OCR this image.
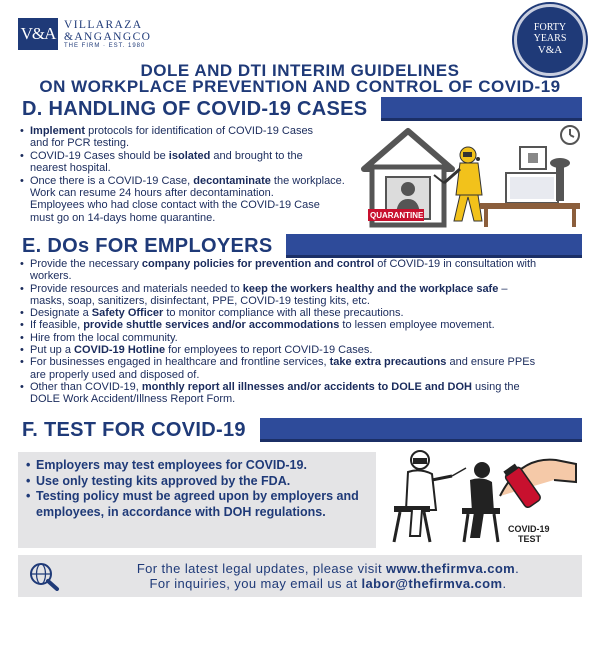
V&A VILLARAZA
&ANGANGCO
THE FIRM · EST. 1980
FORTY
YEARS
V&A
DOLE AND DTI INTERIM GUIDELINES
ON WORKPLACE PREVENTION AND CONTROL OF COVID-19
D. HANDLING OF COVID-19 CASES
• Implement protocols for identification of COVID-19 Cases
and for PCR testing.
• COVID-19 Cases should be isolated and brought to the
nearest hospital.
• Once there is a COVID-19 Case, decontaminate the workplace.
Work can resume 24 hours after decontamination.
Employees who had close contact with the COVID-19 Case
must go on 14-days home quarantine.	QUARANTINE
E. DOs FOR EMPLOYERS
• Provide the necessary company policies for prevention and control of COVID-19 in consultation with
workers.
• Provide resources and materials needed to keep the workers healthy and the workplace safe –
masks, soap, sanitizers, disinfectant, PPE, COVID-19 testing kits, etc.
• Designate a Safety Officer to monitor compliance with all these precautions.
• If feasible, provide shuttle services and/or accommodations to lessen employee movement.
• Hire from the local community.
• Put up a COVID-19 Hotline for employees to report COVID-19 Cases.
• For businesses engaged in healthcare and frontline services, take extra precautions and ensure PPEs
are properly used and disposed of.
• Other than COVID-19, monthly report all illnesses and/or accidents to DOLE and DOH using the
DOLE Work Accident/Illness Report Form.
F. TEST FOR COVID-19
• Employers may test employees for COVID-19.
• Use only testing kits approved by the FDA.
• Testing policy must be agreed upon by employers and employees, in accordance with DOH regulations.
COVID-19
TEST
For the latest legal updates, please visit www.thefirmva.com.
For inquiries, you may email us at labor@thefirmva.com.
